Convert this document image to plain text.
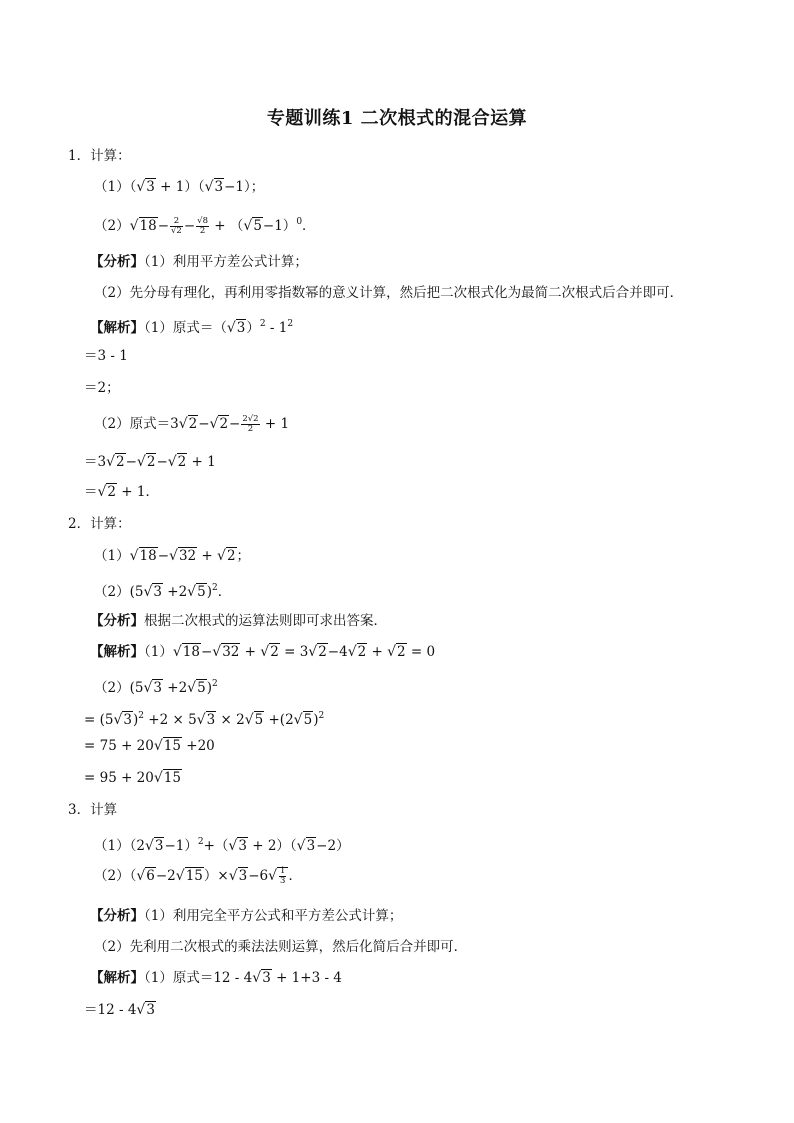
专题训练1 二次根式的混合运算
1．计算：
（1）（√3 + 1）（√3−1）；
$(2)√18- \frac{2}{√2} - \frac{√8}{2} + (√5-1)^0$．
【分析】（1）利用平方差公式计算；
（2）先分母有理化，再利用零指数幂的意义计算，然后把二次根式化为最简二次根式后合并即可．
【解析】（1）原式$=(√3)^2 - 1^2$
＝3 - 1
＝2；
（2）原式$=3√2-√2- \frac{2√2}{2} + 1$
＝3√2−√2−√2 + 1
＝√2 + 1．
2．计算：
（1）√18−√32 + √2；
$(2)(5√3 +2√5)^2$．
【分析】根据二次根式的运算法则即可求出答案．
【解析】（1）√18−√32 + √2 = 3√2−4√2 + √2 = 0
$(2)(5√3 +2√5)^2$
= $(5√3)^2 +2 \times 5√3 \times 2√5 +(2√5)^2$
= 75 + 20√15 +20
= 95 + 20√15
3．计算
$(1)(2√3-1)^2+(√3 + 2)(√3-2)$
$(2)(√6-2√15)\times√3-6√ \frac{1}{3}$ ．
【分析】（1）利用完全平方公式和平方差公式计算；
（2）先利用二次根式的乘法法则运算，然后化简后合并即可．
【解析】（1）原式＝12 - 4√3 + 1+3 - 4
＝12 - 4√3
